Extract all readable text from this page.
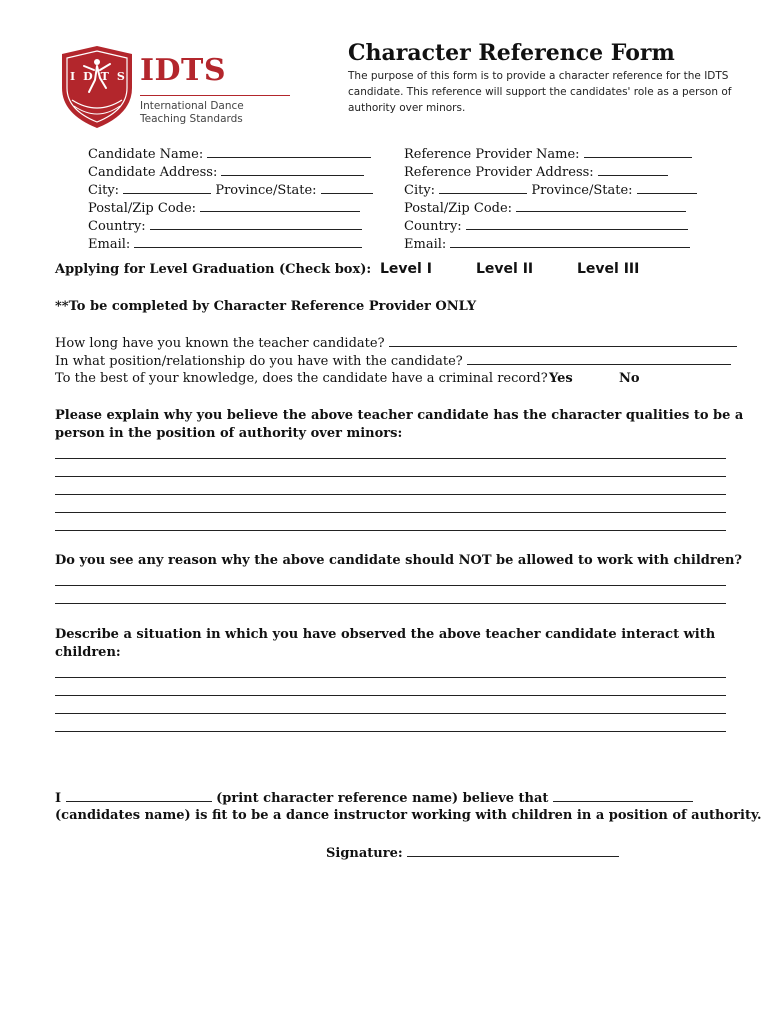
IDTS IDTS
International Dance
Teaching Standards
Character Reference Form
The purpose of this form is to provide a character reference for the IDTS candidate. This reference will support the candidates' role as a person of authority over minors.
Candidate Name:
Candidate Address:
City:	Province/State:
Postal/Zip Code:
Country:
Email:
Reference Provider Name:
Reference Provider Address:
City:	Province/State:
Postal/Zip Code:
Country:
Email:
Applying for Level Graduation (Check box): Level I	Level II	Level III
**To be completed by Character Reference Provider ONLY
How long have you known the teacher candidate?
In what position/relationship do you have with the candidate?
To the best of your knowledge, does the candidate have a criminal record? Yes	No
Please explain why you believe the above teacher candidate has the character qualities to be a
person in the position of authority over minors:
Do you see any reason why the above candidate should NOT be allowed to work with children?
Describe a situation in which you have observed the above teacher candidate interact with
children:
I	(print character reference name) believe that
(candidates name) is fit to be a dance instructor working with children in a position of authority.
Signature:
